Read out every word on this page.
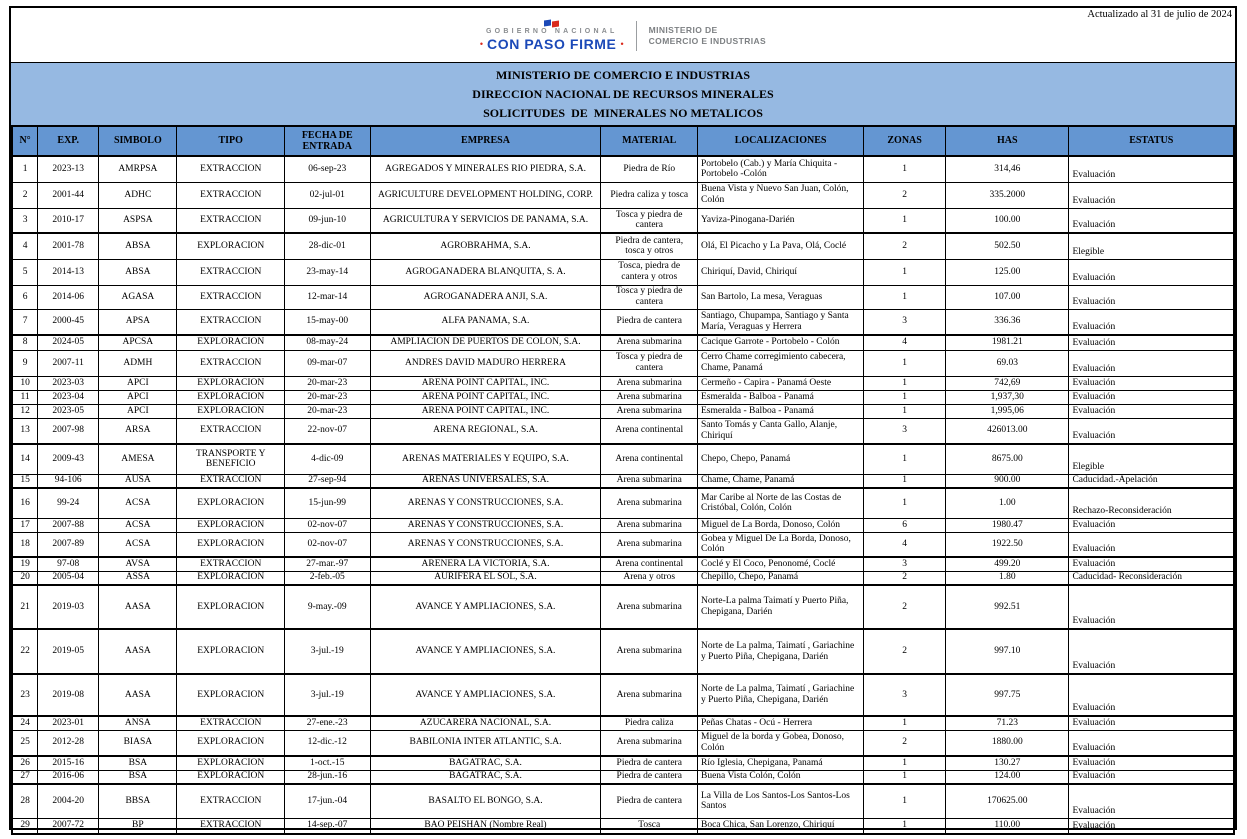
Actualizado al 31 de julio de 2024
GOBIERNO NACIONAL
• CON PASO FIRME •
MINISTERIO DE
COMERCIO E INDUSTRIAS
MINISTERIO DE COMERCIO E INDUSTRIAS
DIRECCION NACIONAL DE RECURSOS MINERALES
SOLICITUDES  DE  MINERALES NO METALICOS
N°	EXP.	SIMBOLO	TIPO	FECHA DE ENTRADA	EMPRESA	MATERIAL	LOCALIZACIONES	ZONAS	HAS	ESTATUS
1	2023-13	AMRPSA	EXTRACCION	06-sep-23	AGREGADOS Y MINERALES RIO PIEDRA, S.A.	Piedra de Río	Portobelo (Cab.) y María Chiquita - Portobelo -Colón	1	314,46	Evaluación
2	2001-44	ADHC	EXTRACCION	02-jul-01	AGRICULTURE DEVELOPMENT HOLDING, CORP.	Piedra caliza y tosca	Buena Vista y Nuevo San Juan, Colón, Colón	2	335.2000	Evaluación
3	2010-17	ASPSA	EXTRACCION	09-jun-10	AGRICULTURA Y SERVICIOS DE PANAMA, S.A.	Tosca y piedra de cantera	Yaviza-Pinogana-Darién	1	100.00	Evaluación
4	2001-78	ABSA	EXPLORACION	28-dic-01	AGROBRAHMA, S.A.	Piedra de cantera, tosca y otros	Olá, El Picacho y La Pava, Olá, Coclé	2	502.50	Elegible
5	2014-13	ABSA	EXTRACCION	23-may-14	AGROGANADERA BLANQUITA, S. A.	Tosca, piedra de cantera y otros	Chiriquí, David, Chiriquí	1	125.00	Evaluación
6	2014-06	AGASA	EXTRACCION	12-mar-14	AGROGANADERA ANJI, S.A.	Tosca y piedra de cantera	San Bartolo, La mesa, Veraguas	1	107.00	Evaluación
7	2000-45	APSA	EXTRACCION	15-may-00	ALFA PANAMA, S.A.	Piedra de cantera	Santiago, Chupampa, Santiago y Santa María, Veraguas y Herrera	3	336.36	Evaluación
8	2024-05	APCSA	EXPLORACION	08-may-24	AMPLIACION DE PUERTOS DE COLON, S.A.	Arena submarina	Cacique Garrote - Portobelo - Colón	4	1981.21	Evaluación
9	2007-11	ADMH	EXTRACCION	09-mar-07	ANDRES DAVID MADURO HERRERA	Tosca y piedra de cantera	Cerro Chame corregimiento cabecera, Chame, Panamá	1	69.03	Evaluación
10	2023-03	APCI	EXPLORACION	20-mar-23	ARENA POINT CAPITAL, INC.	Arena submarina	Cermeño - Capira - Panamá Oeste	1	742,69	Evaluación
11	2023-04	APCI	EXPLORACION	20-mar-23	ARENA POINT CAPITAL, INC.	Arena submarina	Esmeralda - Balboa - Panamá	1	1,937,30	Evaluación
12	2023-05	APCI	EXPLORACION	20-mar-23	ARENA POINT CAPITAL, INC.	Arena submarina	Esmeralda - Balboa - Panamá	1	1,995,06	Evaluación
13	2007-98	ARSA	EXTRACCION	22-nov-07	ARENA REGIONAL, S.A.	Arena continental	Santo Tomás y Canta Gallo, Alanje, Chiriquí	3	426013.00	Evaluación
14	2009-43	AMESA	TRANSPORTE Y BENEFICIO	4-dic-09	ARENAS MATERIALES Y EQUIPO, S.A.	Arena continental	Chepo, Chepo, Panamá	1	8675.00	Elegible
15	94-106	AUSA	EXTRACCION	27-sep-94	ARENAS UNIVERSALES, S.A.	Arena submarina	Chame, Chame, Panamá	1	900.00	Caducidad.-Apelación
16	99-24	ACSA	EXPLORACION	15-jun-99	ARENAS Y CONSTRUCCIONES, S.A.	Arena submarina	Mar Caribe al Norte de las Costas de Cristóbal, Colón, Colón	1	1.00	Rechazo-Reconsideración
17	2007-88	ACSA	EXPLORACION	02-nov-07	ARENAS Y CONSTRUCCIONES, S.A.	Arena submarina	Miguel de La Borda, Donoso, Colón	6	1980.47	Evaluación
18	2007-89	ACSA	EXPLORACION	02-nov-07	ARENAS Y CONSTRUCCIONES, S.A.	Arena submarina	Gobea y Miguel De La Borda, Donoso, Colón	4	1922.50	Evaluación
19	97-08	AVSA	EXTRACCION	27-mar.-97	ARENERA LA VICTORIA, S.A.	Arena continental	Coclé y El Coco, Penonomé, Coclé	3	499.20	Evaluación
20	2005-04	ASSA	EXPLORACION	2-feb.-05	AURIFERA EL SOL, S.A.	Arena y otros	Chepillo, Chepo, Panamá	2	1.80	Caducidad- Reconsideración
21	2019-03	AASA	EXPLORACION	9-may.-09	AVANCE Y AMPLIACIONES, S.A.	Arena submarina	Norte-La palma Taimatí y Puerto Piña, Chepigana, Darién	2	992.51	Evaluación
22	2019-05	AASA	EXPLORACION	3-jul.-19	AVANCE Y AMPLIACIONES, S.A.	Arena submarina	Norte de La palma, Taimatí , Gariachine y Puerto Piña, Chepigana, Darién	2	997.10	Evaluación
23	2019-08	AASA	EXPLORACION	3-jul.-19	AVANCE Y AMPLIACIONES, S.A.	Arena submarina	Norte de La palma, Taimatí , Gariachine y Puerto Piña, Chepigana, Darién	3	997.75	Evaluación
24	2023-01	ANSA	EXTRACCION	27-ene.-23	AZUCARERA NACIONAL, S.A.	Piedra caliza	Peñas Chatas - Ocú - Herrera	1	71.23	Evaluación
25	2012-28	BIASA	EXPLORACION	12-dic.-12	BABILONIA INTER ATLANTIC, S.A.	Arena submarina	Miguel de la borda y Gobea, Donoso, Colón	2	1880.00	Evaluación
26	2015-16	BSA	EXPLORACION	1-oct.-15	BAGATRAC, S.A.	Piedra de cantera	Río Iglesia, Chepigana, Panamá	1	130.27	Evaluación
27	2016-06	BSA	EXPLORACION	28-jun.-16	BAGATRAC, S.A.	Piedra de cantera	Buena Vista Colón, Colón	1	124.00	Evaluación
28	2004-20	BBSA	EXTRACCION	17-jun.-04	BASALTO EL BONGO, S.A.	Piedra de cantera	La Villa de Los Santos-Los Santos-Los Santos	1	170625.00	Evaluación
29	2007-72	BP	EXTRACCION	14-sep.-07	BAO PEISHAN (Nombre Real)	Tosca	Boca Chica, San Lorenzo, Chiriquí	1	110.00	Evaluación
